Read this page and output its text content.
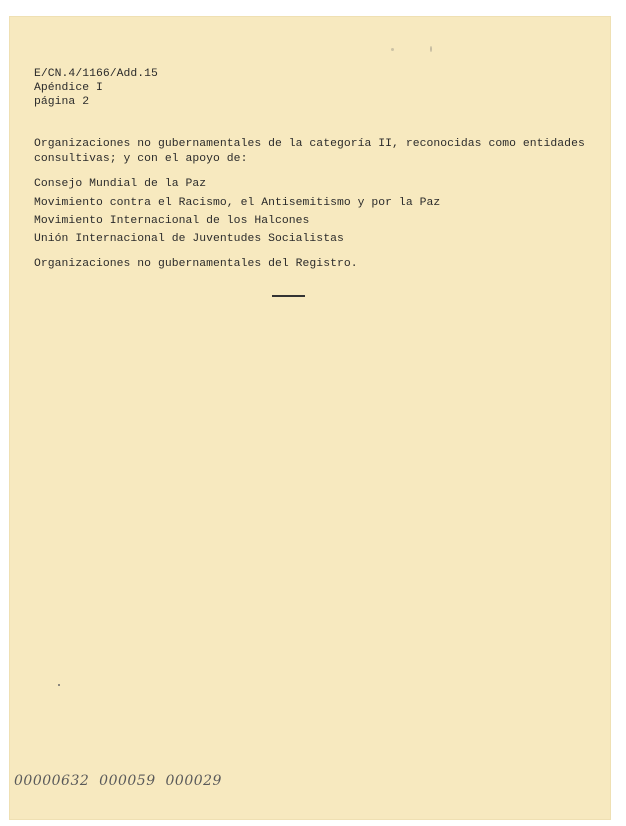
E/CN.4/1166/Add.15
Apéndice I
página 2
Organizaciones no gubernamentales de la categoría II, reconocidas como entidades
consultivas; y con el apoyo de:
Consejo Mundial de la Paz
Movimiento contra el Racismo, el Antisemitismo y por la Paz
Movimiento Internacional de los Halcones
Unión Internacional de Juventudes Socialistas
Organizaciones no gubernamentales del Registro.
00000632  000059  000029
